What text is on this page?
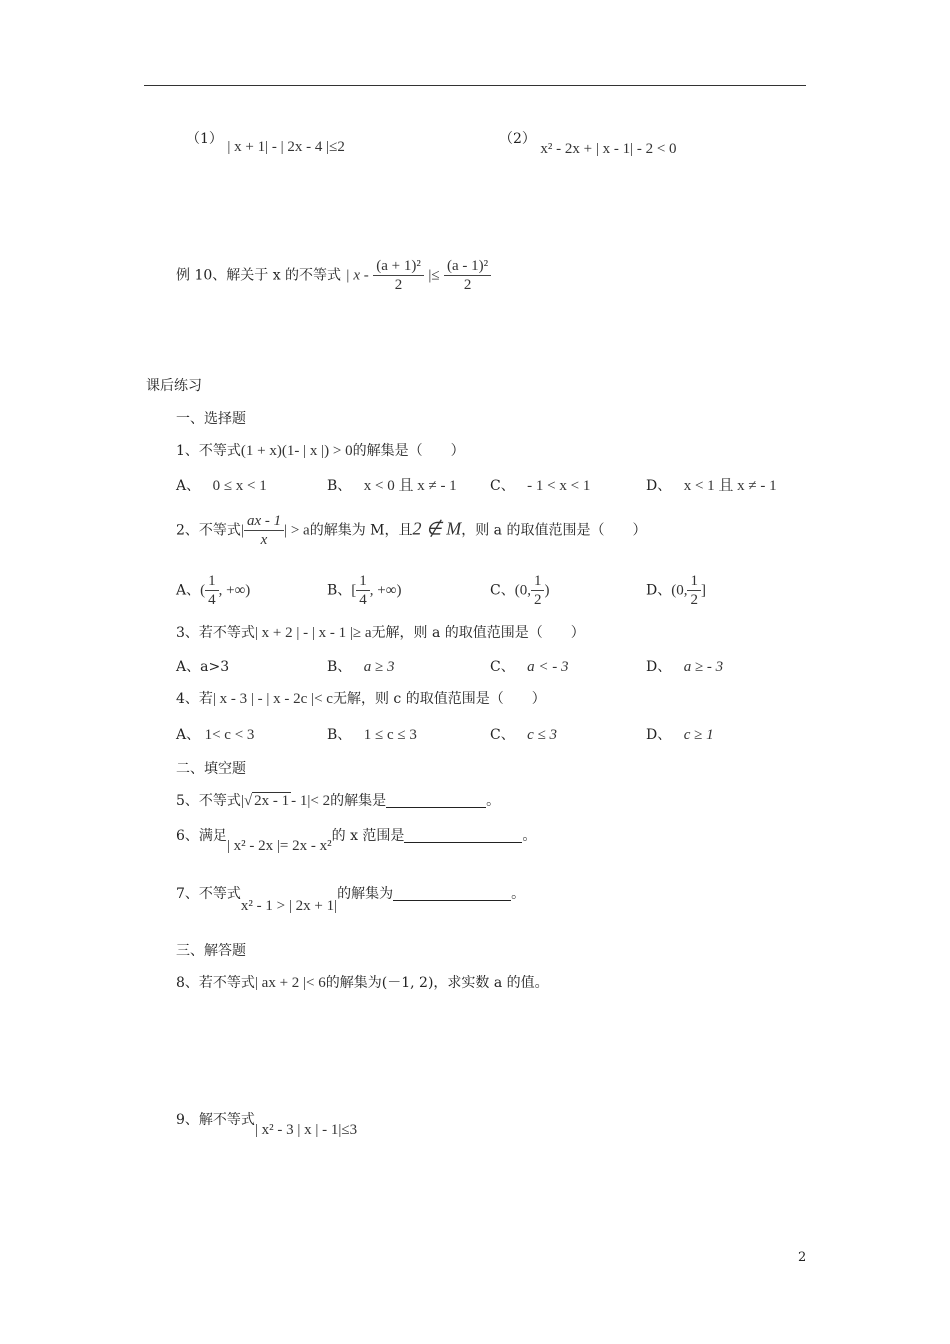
（1） | x + 1| - | 2x - 4 |≤2	（2） x² - 2x + | x - 1| - 2 < 0
例 10、解关于 x 的不等式 | x - $\frac{\text{(a + 1)²}}{2}$ |≤ $\frac{\text{(a - 1)²}}{2}$
课后练习
一、选择题
1、不等式(1 + x)(1- | x |) > 0的解集是（　　）
A、 0 ≤ x < 1	B、 x < 0 且 x ≠ - 1 C、 - 1 < x < 1	D、 x < 1 且 x ≠ - 1
2、不等式| $\frac{ax - 1}{x}$ | > a的解集为 M，且2 ∉ M，则 a 的取值范围是（　　）
A、( $\frac{1}{4}$ , +∞)	B、[ $\frac{1}{4}$ , +∞)	C、(0, $\frac{1}{2}$ )	D、(0, $\frac{1}{2}$ ]
3、若不等式| x + 2 | - | x - 1 |≥ a无解，则 a 的取值范围是（　　）
A、a>3	B、 a ≥ 3	C、 a < - 3	D、 a ≥ - 3
4、若| x - 3 | - | x - 2c |< c无解，则 c 的取值范围是（　　）
A、 1< c < 3	B、 1 ≤ c ≤ 3	C、 c ≤ 3	D、 c ≥ 1
二、填空题
5、不等式|√ 2x - 1 - 1|< 2的解集是	。
6、满足| x² - 2x |= 2x - x²的 x 范围是	。
7、不等式x² - 1 > | 2x + 1|的解集为	。
三、解答题
8、若不等式| ax + 2 |< 6的解集为(－1, 2)，求实数 a 的值。
9、解不等式| x² - 3 | x | - 1|≤3
2
